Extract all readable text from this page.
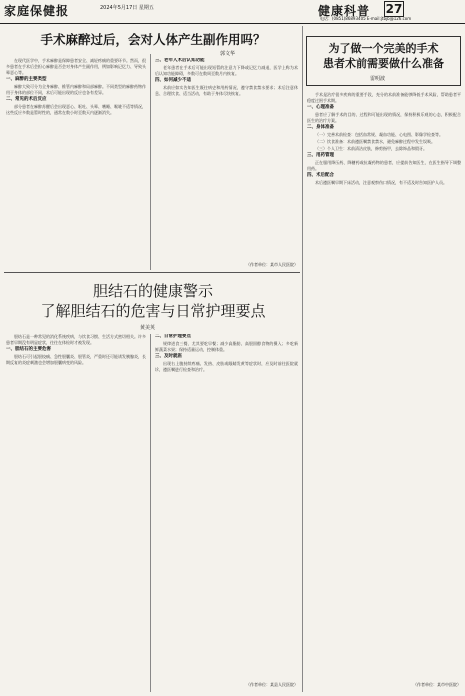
家庭保健报	2024年5月17日 星期五	健康科普 27
电话：(0851)86893405 E-mail:jtbjb@126.com
手术麻醉过后，会对人体产生副作用吗？
郭文华

在现代医学中，手术麻醉是保障患者安全、减轻疼痛的重要环节。然而，很多患者在手术后会担心麻醉是否会对身体产生副作用，例如影响记忆力、导致头晕恶心等。

一、麻醉的主要类型

麻醉大致可分为全身麻醉、椎管内麻醉和局部麻醉。不同类型的麻醉药物作用于身体的部位不同，术后可能出现的反应也各有差异。

二、常见的术后反应

部分患者在麻醉苏醒后会出现恶心、呕吐、头晕、嗜睡、喉咙不适等情况，这些反应多数是暂时性的，通常在数小时至数天内逐渐消失。

三、老年人术后认知功能

老年患者在手术后可能出现短暂的注意力下降或记忆力减退，医学上称为术后认知功能障碍，多数可在数周至数月内恢复。

四、如何减少不适

术前应如实告知医生既往病史和用药情况，遵守禁食禁水要求；术后注意休息、合理饮食、适当活动，有助于身体尽快恢复。

（作者单位：某市人民医院）
胆结石的健康警示
了解胆结石的危害与日常护理要点
黄美英

胆结石是一种常见的消化系统疾病，与饮食习惯、生活方式密切相关。许多患者早期没有明显症状，往往在体检时才被发现。

一、胆结石的主要危害

胆结石可引起胆绞痛、急性胆囊炎、胆管炎，严重时还可能诱发胰腺炎，长期反复的炎症刺激也会增加胆囊病变的风险。

二、日常护理要点

规律进食三餐，尤其要吃早餐；减少高脂肪、高胆固醇食物的摄入；多吃新鲜蔬菜水果；保持适量运动，控制体重。

三、及时就医

出现右上腹持续疼痛、发热、皮肤或眼睛发黄等症状时，应及时前往医院就诊，遵医嘱进行检查和治疗。

（作者单位：某县人民医院）
为了做一个完美的手术
患者术前需要做什么准备
雷明波

手术是治疗很多疾病的重要手段，充分的术前准备能够降低手术风险，帮助患者平稳度过围手术期。

一、心理准备

患者应了解手术的目的、过程和可能出现的情况，保持积极乐观的心态，积极配合医生的治疗方案。

二、身体准备

（一）完善术前检查：包括血常规、凝血功能、心电图、影像学检查等。

（二）饮食准备：术前遵医嘱禁食禁水，避免麻醉过程中发生误吸。

（三）个人卫生：术前清洁皮肤，修剪指甲，去除饰品和假牙。

三、用药管理

正在服用降压药、降糖药或抗凝药物的患者，应提前告知医生，在医生指导下调整用药。

四、术后配合

术后遵医嘱早期下床活动，注意观察伤口情况，有不适及时告知医护人员。

（作者单位：某市中医院）
